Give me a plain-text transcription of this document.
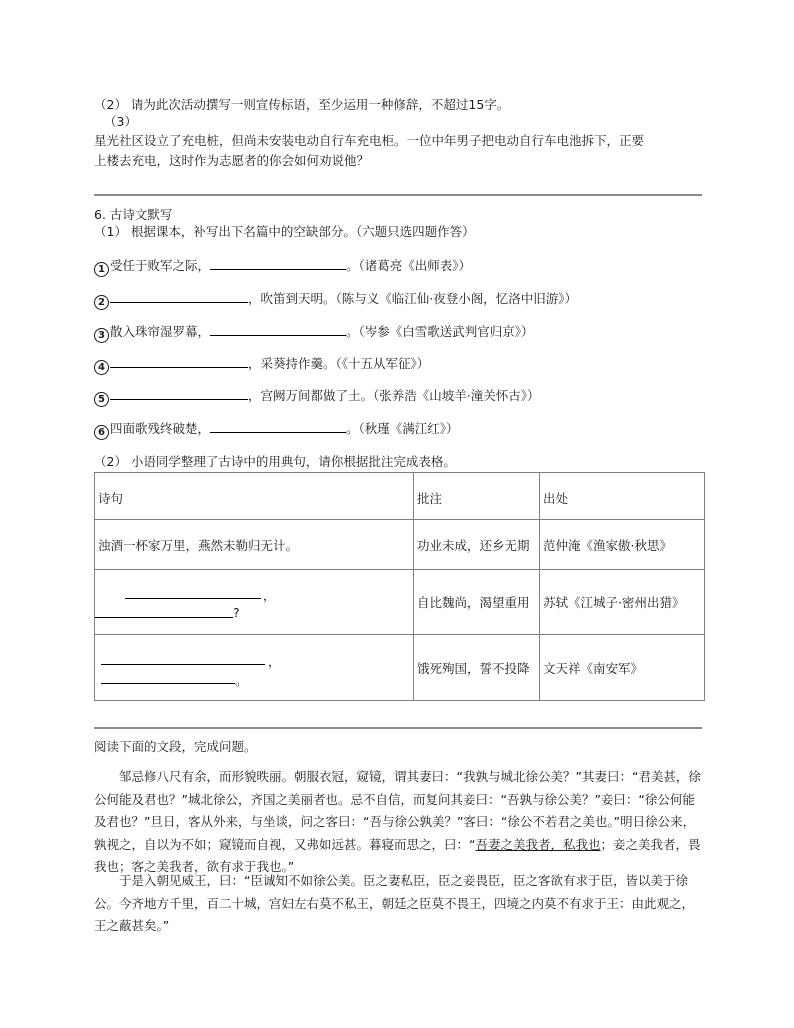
（2） 请为此次活动撰写一则宣传标语，至少运用一种修辞，不超过15字。
（3）
星光社区设立了充电桩，但尚未安装电动自行车充电柜。一位中年男子把电动自行车电池拆下，正要
上楼去充电，这时作为志愿者的你会如何劝说他？
6. 古诗文默写
（1） 根据课本，补写出下名篇中的空缺部分。（六题只选四题作答）
1 受任于败军之际，	。（诸葛亮《出师表》）
2	，吹笛到天明。（陈与义《临江仙·夜登小阁，忆洛中旧游》）
3 散入珠帘湿罗幕，	。（岑参《白雪歌送武判官归京》）
4	，采葵持作羹。（《十五从军征》）
5	，宫阙万间都做了土。（张养浩《山坡羊·潼关怀古》）
6 四面歌残终破楚，	。（秋瑾《满江红》）
（2） 小语同学整理了古诗中的用典句，请你根据批注完成表格。
诗句	批注	出处
浊酒一杯家万里，燕然未勒归无计。	功业未成，还乡无期	范仲淹《渔家傲·秋思》

，
?	自比魏尚，渴望重用	苏轼《江城子·密州出猎》

，
。	饿死殉国，誓不投降	文天祥《南安军》
阅读下面的文段，完成问题。
邹忌修八尺有余，而形貌昳丽。朝服衣冠，窥镜，谓其妻曰：“我孰与城北徐公美？”其妻曰：“君美甚，徐公何能及君也？”城北徐公，齐国之美丽者也。忌不自信，而复问其妾曰：“吾孰与徐公美？”妾曰：“徐公何能及君也？”旦日，客从外来，与坐谈，问之客曰：“吾与徐公孰美？”客曰：“徐公不若君之美也。”明日徐公来，孰视之，自以为不如；窥镜而自视，又弗如远甚。暮寝而思之，曰：“吾妻之美我者，私我也；妾之美我者，畏我也；客之美我者，欲有求于我也。”
于是入朝见威王，曰：“臣诚知不如徐公美。臣之妻私臣，臣之妾畏臣，臣之客欲有求于臣，皆以美于徐公。今齐地方千里，百二十城，宫妇左右莫不私王，朝廷之臣莫不畏王，四境之内莫不有求于王：由此观之，王之蔽甚矣。”
